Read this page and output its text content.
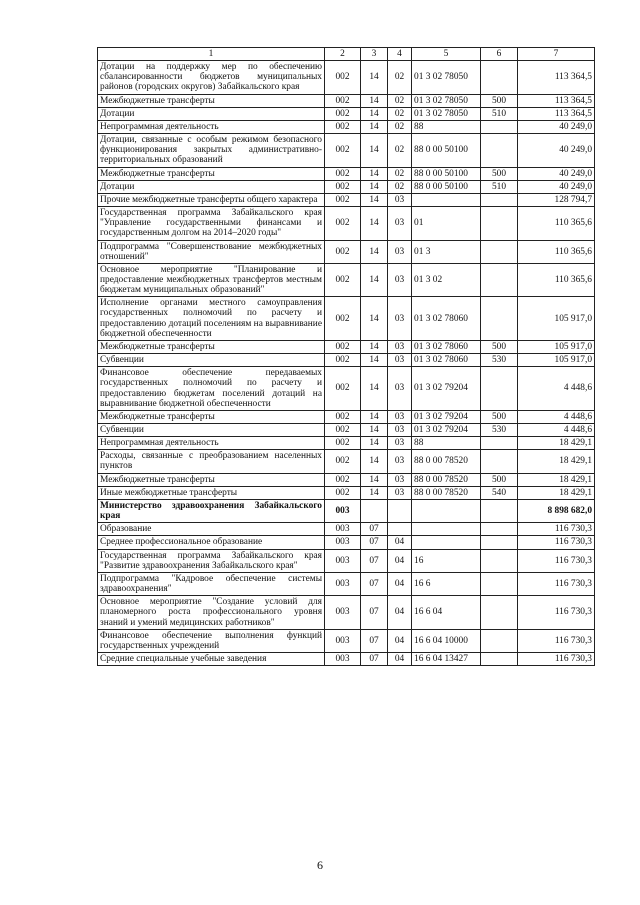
1	2	3	4	5	6	7
Дотации на поддержку мер по обеспечению сбалансированности бюджетов муниципальных районов (городских округов) Забайкальского края	002	14	02	01 3 02 78050		113 364,5
Межбюджетные трансферты	002	14	02	01 3 02 78050	500	113 364,5
Дотации	002	14	02	01 3 02 78050	510	113 364,5
Непрограммная деятельность	002	14	02	88		40 249,0
Дотации, связанные с особым режимом безопасного функционирования закрытых административно-территориальных образований	002	14	02	88 0 00 50100		40 249,0
Межбюджетные трансферты	002	14	02	88 0 00 50100	500	40 249,0
Дотации	002	14	02	88 0 00 50100	510	40 249,0
Прочие межбюджетные трансферты общего характера	002	14	03			128 794,7
Государственная программа Забайкальского края "Управление государственными финансами и государственным долгом на 2014–2020 годы"	002	14	03	01		110 365,6
Подпрограмма "Совершенствование межбюджетных отношений"	002	14	03	01 3		110 365,6
Основное мероприятие "Планирование и предоставление межбюджетных трансфертов местным бюджетам муниципальных образований"	002	14	03	01 3 02		110 365,6
Исполнение органами местного самоуправления государственных полномочий по расчету и предоставлению дотаций поселениям на выравнивание бюджетной обеспеченности	002	14	03	01 3 02 78060		105 917,0
Межбюджетные трансферты	002	14	03	01 3 02 78060	500	105 917,0
Субвенции	002	14	03	01 3 02 78060	530	105 917,0
Финансовое обеспечение передаваемых государственных полномочий по расчету и предоставлению бюджетам поселений дотаций на выравнивание бюджетной обеспеченности	002	14	03	01 3 02 79204		4 448,6
Межбюджетные трансферты	002	14	03	01 3 02 79204	500	4 448,6
Субвенции	002	14	03	01 3 02 79204	530	4 448,6
Непрограммная деятельность	002	14	03	88		18 429,1
Расходы, связанные с преобразованием населенных пунктов	002	14	03	88 0 00 78520		18 429,1
Межбюджетные трансферты	002	14	03	88 0 00 78520	500	18 429,1
Иные межбюджетные трансферты	002	14	03	88 0 00 78520	540	18 429,1
Министерство здравоохранения Забайкальского края	003					8 898 682,0
Образование	003	07				116 730,3
Среднее профессиональное образование	003	07	04			116 730,3
Государственная программа Забайкальского края "Развитие здравоохранения Забайкальского края"	003	07	04	16		116 730,3
Подпрограмма "Кадровое обеспечение системы здравоохранения"	003	07	04	16 6		116 730,3
Основное мероприятие "Создание условий для планомерного роста профессионального уровня знаний и умений медицинских работников"	003	07	04	16 6 04		116 730,3
Финансовое обеспечение выполнения функций государственных учреждений	003	07	04	16 6 04 10000		116 730,3
Средние специальные учебные заведения	003	07	04	16 6 04 13427		116 730,3
6
